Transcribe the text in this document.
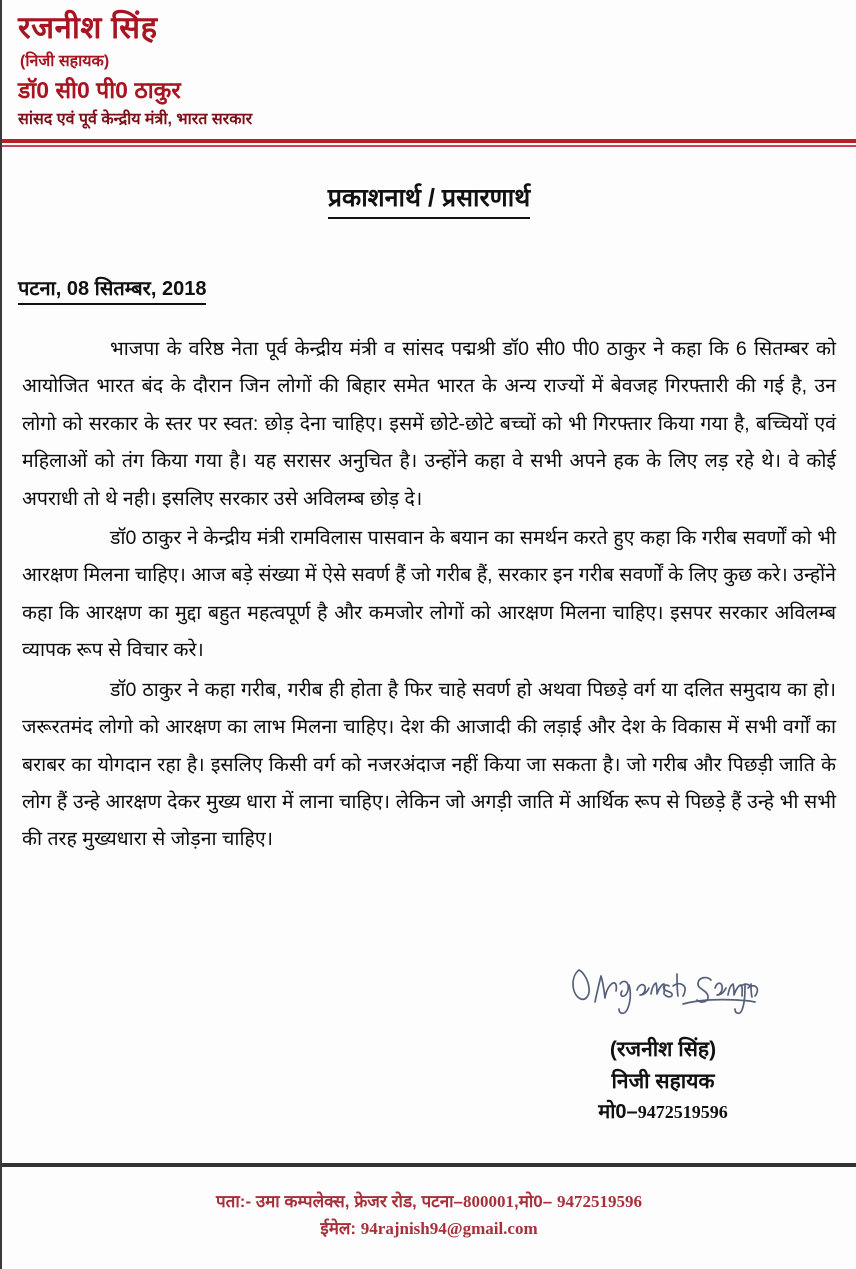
रजनीश सिंह
(निजी सहायक)
डॉ0 सी0 पी0 ठाकुर
सांसद एवं पूर्व केन्द्रीय मंत्री, भारत सरकार
प्रकाशनार्थ / प्रसारणार्थ
पटना, 08 सितम्बर, 2018

भाजपा के वरिष्ठ नेता पूर्व केन्द्रीय मंत्री व सांसद पद्मश्री डॉ0 सी0 पी0 ठाकुर ने कहा कि 6 सितम्बर को आयोजित भारत बंद के दौरान जिन लोगों की बिहार समेत भारत के अन्य राज्यों में बेवजह गिरफ्तारी की गई है, उन लोगो को सरकार के स्तर पर स्वत: छोड़ देना चाहिए। इसमें छोटे-छोटे बच्चों को भी गिरफ्तार किया गया है, बच्चियों एवं महिलाओं को तंग किया गया है। यह सरासर अनुचित है। उन्होंने कहा वे सभी अपने हक के लिए लड़ रहे थे। वे कोई अपराधी तो थे नही। इसलिए सरकार उसे अविलम्ब छोड़ दे।

डॉ0 ठाकुर ने केन्द्रीय मंत्री रामविलास पासवान के बयान का समर्थन करते हुए कहा कि गरीब सवर्णों को भी आरक्षण मिलना चाहिए। आज बड़े संख्या में ऐसे सवर्ण हैं जो गरीब हैं, सरकार इन गरीब सवर्णों के लिए कुछ करे। उन्होंने कहा कि आरक्षण का मुद्दा बहुत महत्वपूर्ण है और कमजोर लोगों को आरक्षण मिलना चाहिए। इसपर सरकार अविलम्ब व्यापक रूप से विचार करे।

डॉ0 ठाकुर ने कहा गरीब, गरीब ही होता है फिर चाहे सवर्ण हो अथवा पिछड़े वर्ग या दलित समुदाय का हो। जरूरतमंद लोगो को आरक्षण का लाभ मिलना चाहिए। देश की आजादी की लड़ाई और देश के विकास में सभी वर्गों का बराबर का योगदान रहा है। इसलिए किसी वर्ग को नजरअंदाज नहीं किया जा सकता है। जो गरीब और पिछड़ी जाति के लोग हैं उन्हे आरक्षण देकर मुख्य धारा में लाना चाहिए। लेकिन जो अगड़ी जाति में आर्थिक रूप से पिछड़े हैं उन्हे भी सभी की तरह मुख्यधारा से जोड़ना चाहिए।

(रजनीश सिंह)
निजी सहायक
मो0–9472519596
पता:- उमा कम्पलेक्स, फ्रेजर रोड, पटना–800001,मो0– 9472519596
ईमेल: 94rajnish94@gmail.com
